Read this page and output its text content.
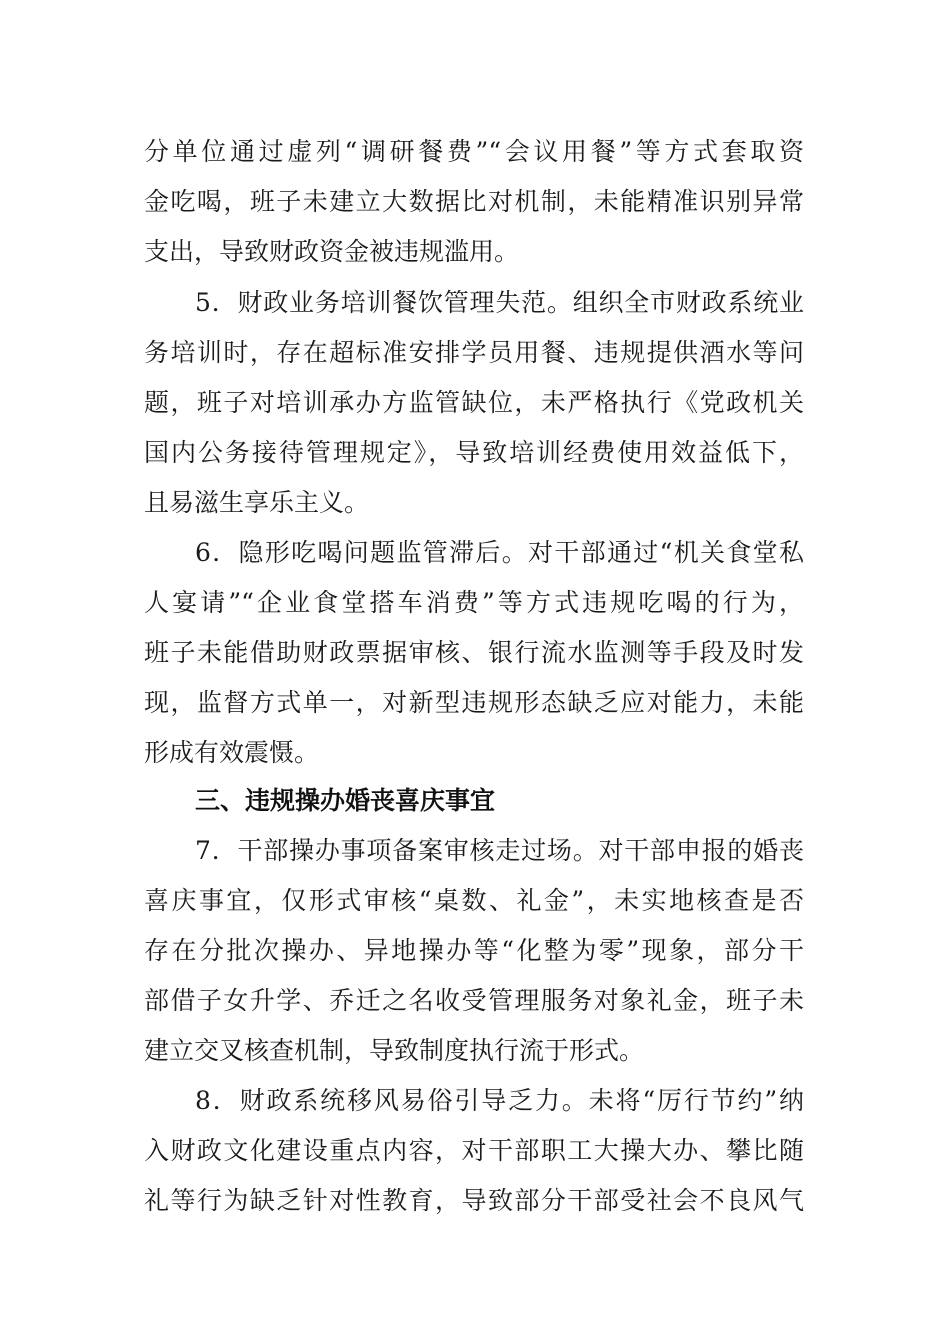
分单位通过虚列“调研餐费”“会议用餐”等方式套取资
金吃喝，班子未建立大数据比对机制，未能精准识别异常
支出，导致财政资金被违规滥用。
5．财政业务培训餐饮管理失范。组织全市财政系统业
务培训时，存在超标准安排学员用餐、违规提供酒水等问
题，班子对培训承办方监管缺位，未严格执行《党政机关
国内公务接待管理规定》，导致培训经费使用效益低下，
且易滋生享乐主义。
6．隐形吃喝问题监管滞后。对干部通过“机关食堂私
人宴请”“企业食堂搭车消费”等方式违规吃喝的行为，
班子未能借助财政票据审核、银行流水监测等手段及时发
现，监督方式单一，对新型违规形态缺乏应对能力，未能
形成有效震慑。
三、违规操办婚丧喜庆事宜
7．干部操办事项备案审核走过场。对干部申报的婚丧
喜庆事宜，仅形式审核“桌数、礼金”，未实地核查是否
存在分批次操办、异地操办等“化整为零”现象，部分干
部借子女升学、乔迁之名收受管理服务对象礼金，班子未
建立交叉核查机制，导致制度执行流于形式。
8．财政系统移风易俗引导乏力。未将“厉行节约”纳
入财政文化建设重点内容，对干部职工大操大办、攀比随
礼等行为缺乏针对性教育，导致部分干部受社会不良风气
